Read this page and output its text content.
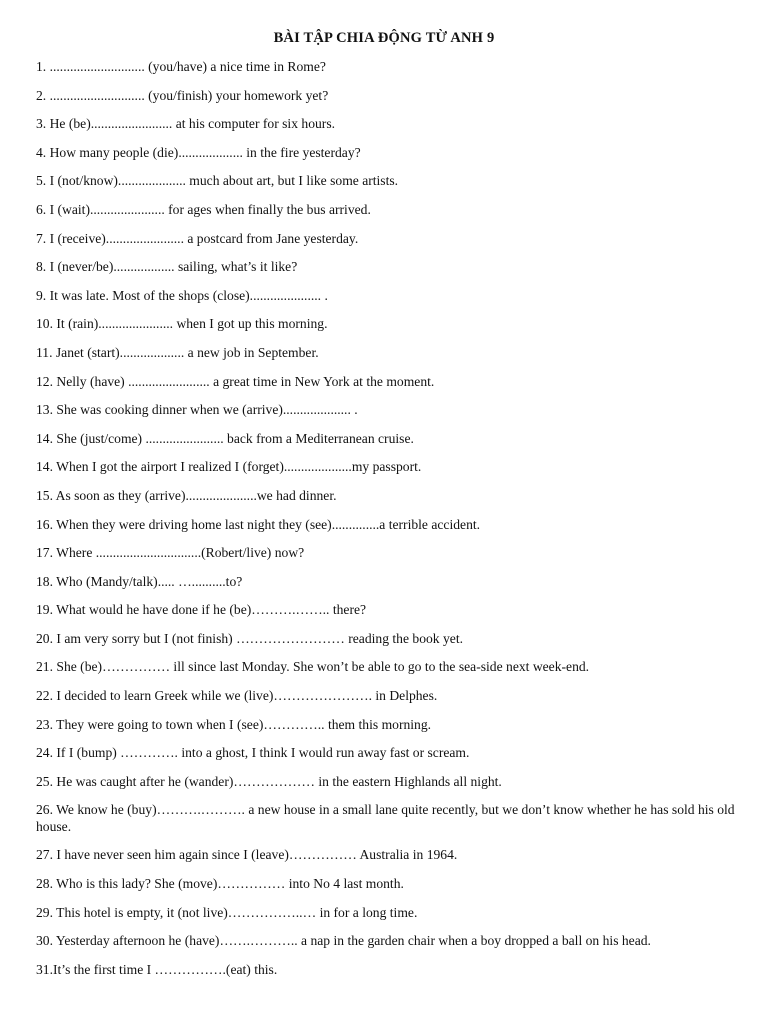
BÀI TẬP CHIA ĐỘNG TỪ ANH 9
1. ............................ (you/have) a nice time in Rome?
2. ............................ (you/finish) your homework yet?
3. He (be)........................ at his computer for six hours.
4. How many people (die)................... in the fire yesterday?
5. I (not/know).................... much about art, but I like some artists.
6. I (wait)...................... for ages when finally the bus arrived.
7. I (receive)....................... a postcard from Jane yesterday.
8. I (never/be).................. sailing, what’s it like?
9. It was late. Most of the shops (close)..................... .
10. It (rain)...................... when I got up this morning.
11. Janet (start)................... a new job in September.
12. Nelly (have) ........................ a great time in New York at the moment.
13. She was cooking dinner when we (arrive).................... .
14. She (just/come) ....................... back from a Mediterranean cruise.
14. When I got the airport I realized I (forget)....................my passport.
15. As soon as they (arrive).....................we had dinner.
16. When they were driving home last night they (see)..............a terrible accident.
17. Where ...............................(Robert/live) now?
18. Who (Mandy/talk)..... …..........to?
19. What would he have done if he (be)……….…….. there?
20. I am very sorry but I (not finish) …………………… reading the book yet.
21. She (be)…………… ill since last Monday. She won’t be able to go to the sea-side next week-end.
22. I decided to learn Greek while we (live)…………………. in Delphes.
23. They were going to town when I (see)………….. them this morning.
24. If I (bump) …………. into a ghost, I think I would run away fast or scream.
25. He was caught after he (wander)……………… in the eastern Highlands all night.
26. We know he (buy)……….………. a new house in a small lane quite recently, but we don’t know whether he has sold his old house.
27. I have never seen him again since I (leave)…………… Australia in 1964.
28. Who is this lady? She (move)…………… into No 4 last month.
29. This hotel is empty, it (not live)……………..… in for a long time.
30. Yesterday afternoon he (have)…….……….. a nap in the garden chair when a boy dropped a ball on his head.
31.It’s the first time I …………….(eat) this.
